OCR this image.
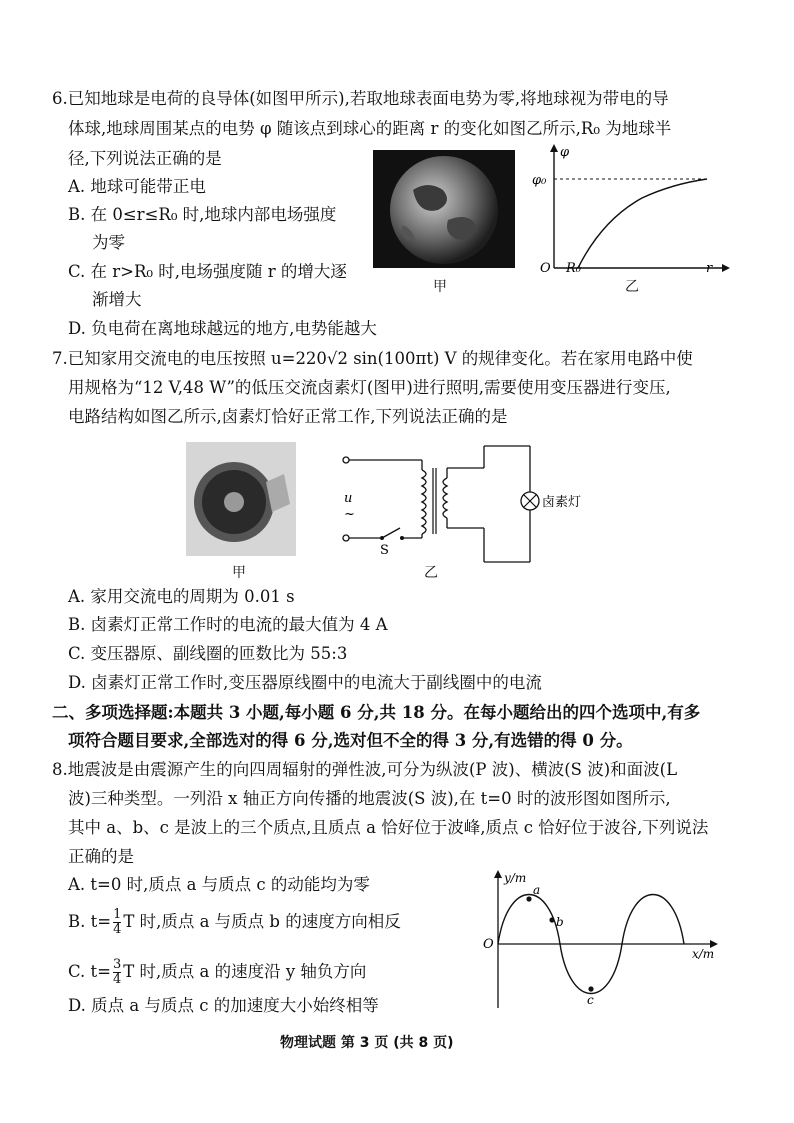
6.已知地球是电荷的良导体(如图甲所示),若取地球表面电势为零,将地球视为带电的导
体球,地球周围某点的电势 φ 随该点到球心的距离 r 的变化如图乙所示,R₀ 为地球半
径,下列说法正确的是
A. 地球可能带正电
B. 在 0≤r≤R₀ 时,地球内部电场强度
为零
C. 在 r>R₀ 时,电场强度随 r 的增大逐
渐增大
D. 负电荷在离地球越远的地方,电势能越大
甲
φ
φ₀
O R₀	r
乙
7.已知家用交流电的电压按照 u=220√2 sin(100πt) V 的规律变化。若在家用电路中使
用规格为“12 V,48 W”的低压交流卤素灯(图甲)进行照明,需要使用变压器进行变压,
电路结构如图乙所示,卤素灯恰好正常工作,下列说法正确的是
甲
u
~
S
卤素灯
乙
A. 家用交流电的周期为 0.01 s
B. 卤素灯正常工作时的电流的最大值为 4 A
C. 变压器原、副线圈的匝数比为 55:3
D. 卤素灯正常工作时,变压器原线圈中的电流大于副线圈中的电流
二、多项选择题:本题共 3 小题,每小题 6 分,共 18 分。在每小题给出的四个选项中,有多
项符合题目要求,全部选对的得 6 分,选对但不全的得 3 分,有选错的得 0 分。
8.地震波是由震源产生的向四周辐射的弹性波,可分为纵波(P 波)、横波(S 波)和面波(L
波)三种类型。一列沿 x 轴正方向传播的地震波(S 波),在 t=0 时的波形图如图所示,
其中 a、b、c 是波上的三个质点,且质点 a 恰好位于波峰,质点 c 恰好位于波谷,下列说法
正确的是
A. t=0 时,质点 a 与质点 c 的动能均为零
B. $t= \frac{1}{4}$ T 时,质点 a 与质点 b 的速度方向相反
C. $t= \frac{3}{4}$ T 时,质点 a 的速度沿 y 轴负方向
D. 质点 a 与质点 c 的加速度大小始终相等
y/m
x/m
O
a
b
c
物理试题 第 3 页 (共 8 页)
